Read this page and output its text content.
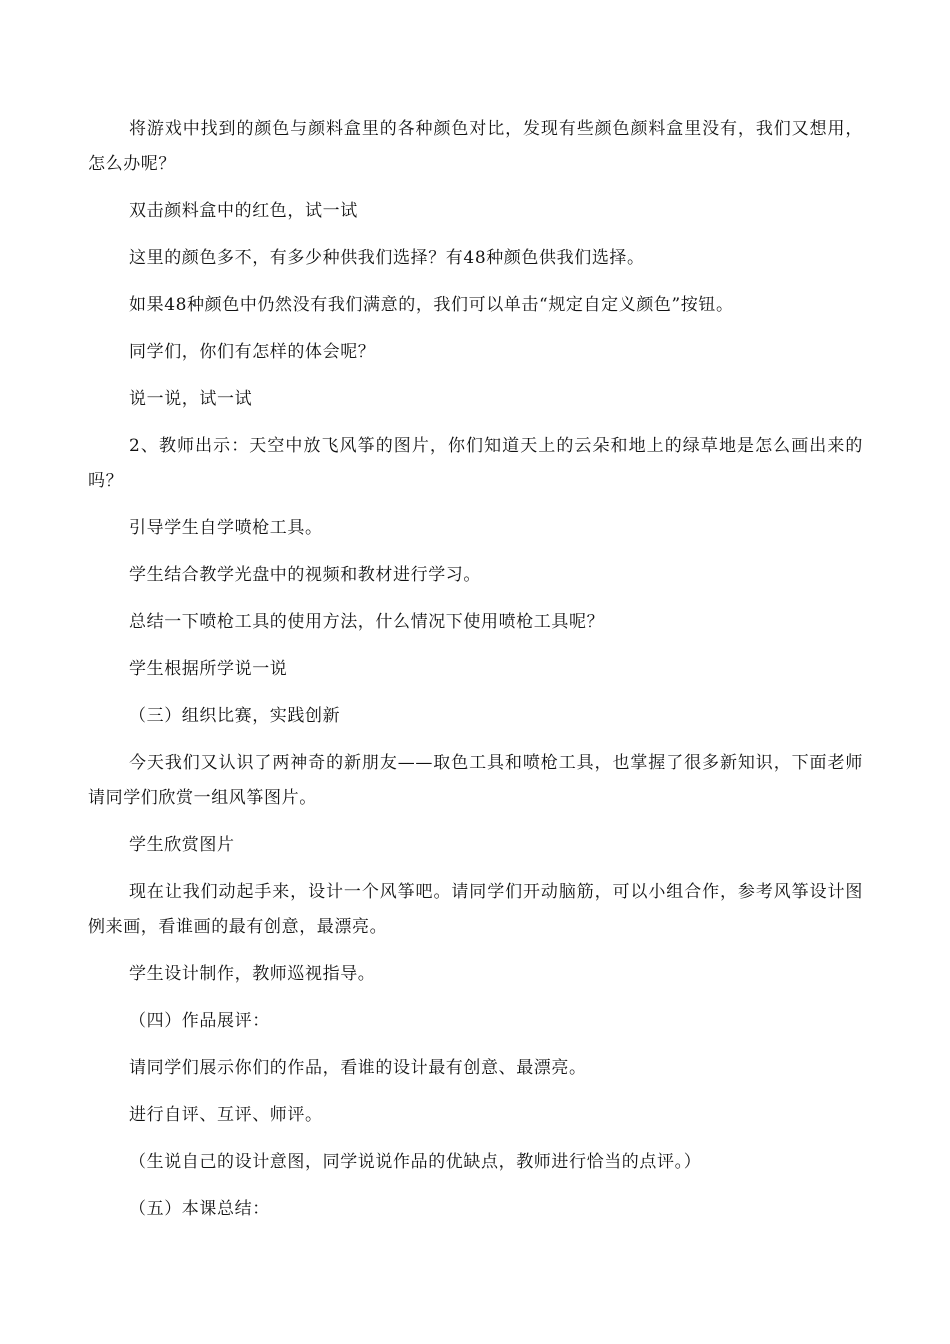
将游戏中找到的颜色与颜料盒里的各种颜色对比，发现有些颜色颜料盒里没有，我们又想用，怎么办呢？

双击颜料盒中的红色，试一试

这里的颜色多不，有多少种供我们选择？有48种颜色供我们选择。

如果48种颜色中仍然没有我们满意的，我们可以单击“规定自定义颜色”按钮。

同学们，你们有怎样的体会呢？

说一说，试一试

2、教师出示：天空中放飞风筝的图片，你们知道天上的云朵和地上的绿草地是怎么画出来的吗？

引导学生自学喷枪工具。

学生结合教学光盘中的视频和教材进行学习。

总结一下喷枪工具的使用方法，什么情况下使用喷枪工具呢？

学生根据所学说一说

（三）组织比赛，实践创新

今天我们又认识了两神奇的新朋友——取色工具和喷枪工具，也掌握了很多新知识，下面老师请同学们欣赏一组风筝图片。

学生欣赏图片

现在让我们动起手来，设计一个风筝吧。请同学们开动脑筋，可以小组合作，参考风筝设计图例来画，看谁画的最有创意，最漂亮。

学生设计制作，教师巡视指导。

（四）作品展评：

请同学们展示你们的作品，看谁的设计最有创意、最漂亮。

进行自评、互评、师评。

（生说自己的设计意图，同学说说作品的优缺点，教师进行恰当的点评。）

（五）本课总结：
